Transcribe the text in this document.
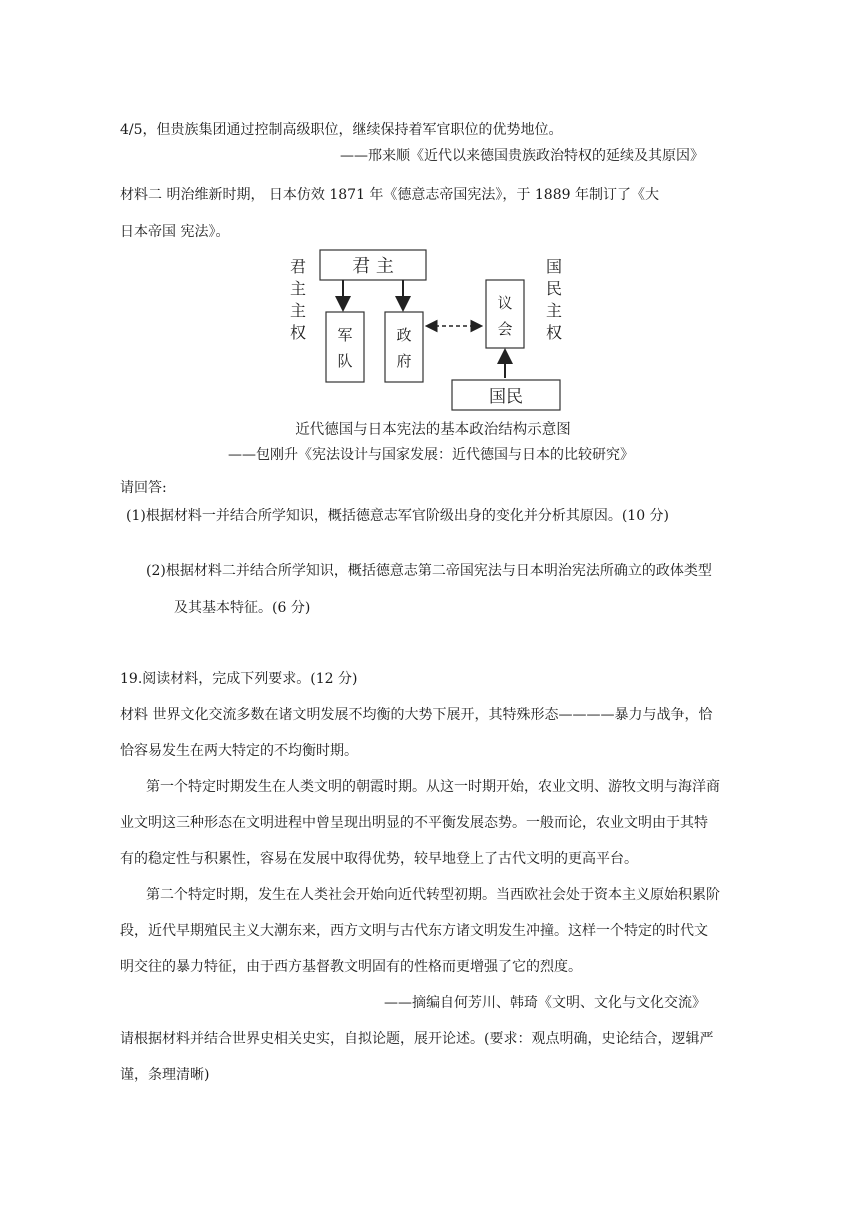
4/5，但贵族集团通过控制高级职位，继续保持着军官职位的优势地位。
——邢来顺《近代以来德国贵族政治特权的延续及其原因》
材料二 明治维新时期， 日本仿效 1871 年《德意志帝国宪法》，于 1889 年制订了《大
日本帝国 宪法》。
君
主
主
权
国
民
主
权
君 主
军
队
政
府
议
会
国民
近代德国与日本宪法的基本政治结构示意图
——包刚升《宪法设计与国家发展：近代德国与日本的比较研究》
请回答:
(1)根据材料一并结合所学知识，概括德意志军官阶级出身的变化并分析其原因。(10 分)
(2)根据材料二并结合所学知识，概括德意志第二帝国宪法与日本明治宪法所确立的政体类型
及其基本特征。(6 分)
19.阅读材料，完成下列要求。(12 分)
材料 世界文化交流多数在诸文明发展不均衡的大势下展开，其特殊形态————暴力与战争，恰
恰容易发生在两大特定的不均衡时期。
第一个特定时期发生在人类文明的朝霞时期。从这一时期开始，农业文明、游牧文明与海洋商
业文明这三种形态在文明进程中曾呈现出明显的不平衡发展态势。一般而论，农业文明由于其特
有的稳定性与积累性，容易在发展中取得优势，较早地登上了古代文明的更高平台。
第二个特定时期，发生在人类社会开始向近代转型初期。当西欧社会处于资本主义原始积累阶
段，近代早期殖民主义大潮东来，西方文明与古代东方诸文明发生冲撞。这样一个特定的时代文
明交往的暴力特征，由于西方基督教文明固有的性格而更增强了它的烈度。
——摘编自何芳川、韩琦《文明、文化与文化交流》
请根据材料并结合世界史相关史实，自拟论题，展开论述。(要求：观点明确，史论结合，逻辑严
谨，条理清晰)
